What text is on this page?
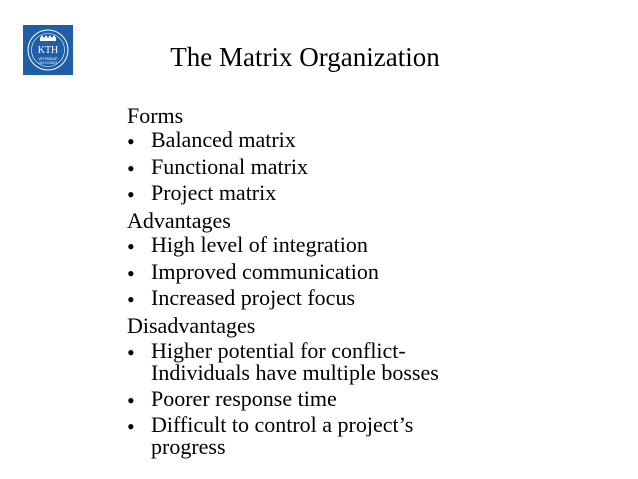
KTH
VETENSKAP
OCH KONST	The Matrix Organization

Forms

• Balanced matrix
• Functional matrix
• Project matrix

Advantages

• High level of integration
• Improved communication
• Increased project focus

Disadvantages

• Higher potential for conflict- Individuals have multiple bosses
• Poorer response time
• Difficult to control a project’s progress
